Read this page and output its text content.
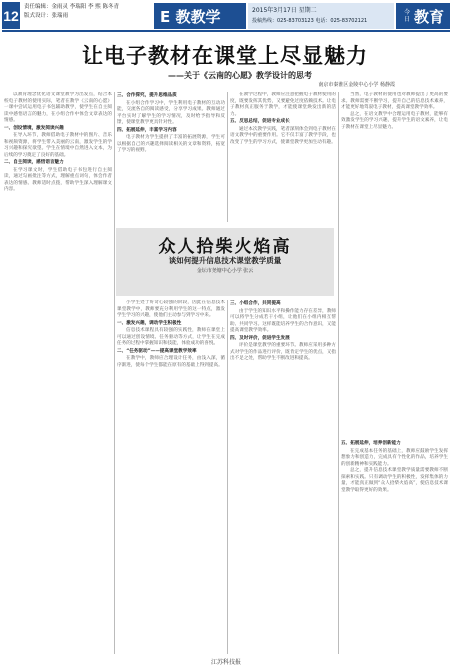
12
责任编辑：金雨灵 李瑞阳 李 熙 陈冬青
版式设计：张瑞雨	E 教教学	2015年3月17日 星期二
投稿热线：025-83703123 电话：025-83702121
今日 教育
让电子教材在课堂上尽显魅力
——关于《云南的心愿》教学设计的思考
南京市秦淮区金陵中心小学 杨静霞

以教育理念优化语文课堂教学为出发点，结合本校电子教材的使用实际，笔者在教学《云南的心愿》一课中尝试运用电子书包辅助教学，使学生在自主阅读中感悟语言的魅力，在小组合作中体会文章表达的情感。

一、创设情境，激发阅读兴趣

在导入环节，教师借助电子教材中的图片、音乐和视频资源，将学生带入美丽的云南，激发学生的学习兴趣和探究欲望。学生在情境中自然进入文本，为后续的学习奠定了良好的基础。

二、自主阅读，感悟语言魅力

在学习课文时，学生借助电子书包进行自主阅读，通过勾画批注等方式，理解重点词句，体会作者表达的情感。教师适时点拨，帮助学生深入理解课文内容。

三、合作探究，提升思维品质

在小组合作学习中，学生利用电子教材的互动功能，交流各自的阅读感受，分享学习成果。教师通过平台实时了解学生的学习情况，及时给予指导和反馈，使课堂教学更具针对性。

四、拓展延伸，丰富学习内容

电子教材为学生提供了丰富的拓展资源，学生可以根据自己的兴趣选择阅读相关的文章和资料，拓宽了学习的视野。

在教学过程中，教师应注意把握电子教材使用的度，既要发挥其优势，又要避免过度依赖技术。让电子教材真正服务于教学，才能使课堂焕发出新的活力。

五、反思总结，促进专业成长

通过本次教学实践，笔者深刻体会到电子教材在语文教学中的重要作用。它不仅丰富了教学手段，也改变了学生的学习方式，使课堂教学更加生动有趣。

当然，电子教材的使用也对教师提出了更高的要求。教师需要不断学习，提升自己的信息技术素养，才能更好地驾驭电子教材，提高课堂教学效率。

总之，在语文教学中合理运用电子教材，能够有效激发学生的学习兴趣，提升学生的语文素养，让电子教材在课堂上尽显魅力。

众人拾柴火焰高
谈如何提升信息技术课堂教学质量
金坛市尧塘中心小学 张云

小学生处于好奇心较强的阶段，因此在信息技术课堂教学中，教师要充分利用学生的这一特点，激发学生学习的兴趣，使他们主动参与到学习中来。

一、激发兴趣，调动学生积极性

信息技术课程具有较强的实践性，教师在课堂上可以通过创设情境、任务驱动等方式，让学生在完成任务的过程中掌握知识和技能，体验成功的喜悦。

二、“任务驱动”——提高课堂教学效率

在教学中，教师应合理设计任务，由浅入深，循序渐进，使每个学生都能在原有的基础上得到提高。

三、小组合作，共同提高

由于学生的知识水平和操作能力存在差异，教师可以将学生分成若干小组，让他们在小组内相互帮助、共同学习。这样既能培养学生的合作意识，又能提高课堂教学效率。

四、及时评价，促进学生发展

评价是课堂教学的重要环节。教师应采用多种方式对学生的作品进行评价，既肯定学生的优点，又指出不足之处，帮助学生不断改进和提高。

五、拓展延伸，培养创新能力

在完成基本任务的基础上，教师应鼓励学生发挥想象力和创造力，完成具有个性化的作品，培养学生的创新精神和实践能力。

总之，提升信息技术课堂教学质量需要教师不断探索和实践。只有调动学生的积极性，发挥集体的力量，才能真正做到“众人拾柴火焰高”，使信息技术课堂教学取得更好的效果。

江苏科技报
